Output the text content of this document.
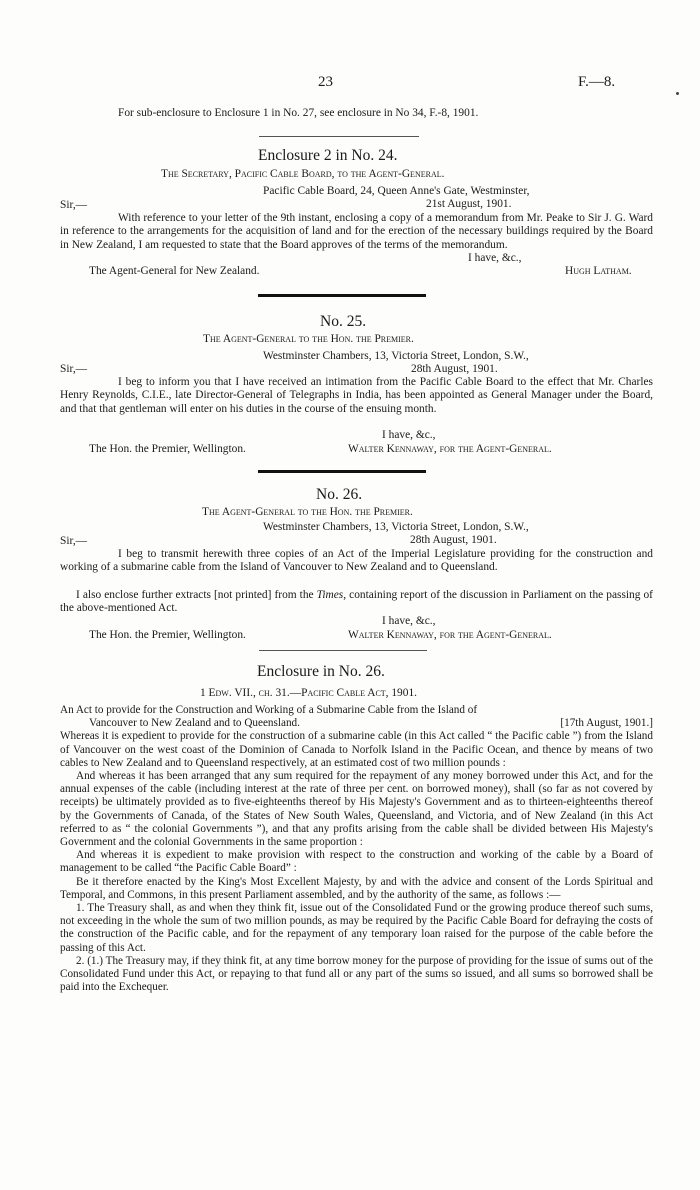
23	F.—8.
For sub-enclosure to Enclosure 1 in No. 27, see enclosure in No 34, F.-8, 1901.
Enclosure 2 in No. 24.
The Secretary, Pacific Cable Board, to the Agent-General.
Pacific Cable Board, 24, Queen Anne's Gate, Westminster,
Sir,—	21st August, 1901.
With reference to your letter of the 9th instant, enclosing a copy of a memorandum from Mr. Peake to Sir J. G. Ward in reference to the arrangements for the acquisition of land and for the erection of the necessary buildings required by the Board in New Zealand, I am requested to state that the Board approves of the terms of the memorandum.
I have, &c.,
The Agent-General for New Zealand.	Hugh Latham.
No. 25.
The Agent-General to the Hon. the Premier.
Westminster Chambers, 13, Victoria Street, London, S.W.,
Sir,—	28th August, 1901.
I beg to inform you that I have received an intimation from the Pacific Cable Board to the effect that Mr. Charles Henry Reynolds, C.I.E., late Director-General of Telegraphs in India, has been appointed as General Manager under the Board, and that that gentleman will enter on his duties in the course of the ensuing month.
I have, &c.,
The Hon. the Premier, Wellington.	Walter Kennaway, for the Agent-General.
No. 26.
The Agent-General to the Hon. the Premier.
Westminster Chambers, 13, Victoria Street, London, S.W.,
Sir,—	28th August, 1901.
I beg to transmit herewith three copies of an Act of the Imperial Legislature providing for the construction and working of a submarine cable from the Island of Vancouver to New Zealand and to Queensland.
I also enclose further extracts [not printed] from the Times, containing report of the discussion in Parliament on the passing of the above-mentioned Act.
I have, &c.,
The Hon. the Premier, Wellington.	Walter Kennaway, for the Agent-General.
Enclosure in No. 26.
1 Edw. VII., ch. 31.—Pacific Cable Act, 1901.

An Act to provide for the Construction and Working of a Submarine Cable from the Island of

Vancouver to New Zealand and to Queensland.	[17th August, 1901.]

Whereas it is expedient to provide for the construction of a submarine cable (in this Act called “ the Pacific cable ”) from the Island of Vancouver on the west coast of the Dominion of Canada to Norfolk Island in the Pacific Ocean, and thence by means of two cables to New Zealand and to Queensland respectively, at an estimated cost of two million pounds :

And whereas it has been arranged that any sum required for the repayment of any money borrowed under this Act, and for the annual expenses of the cable (including interest at the rate of three per cent. on borrowed money), shall (so far as not covered by receipts) be ultimately provided as to five-eighteenths thereof by His Majesty's Government and as to thirteen-eighteenths thereof by the Governments of Canada, of the States of New South Wales, Queensland, and Victoria, and of New Zealand (in this Act referred to as “ the colonial Governments ”), and that any profits arising from the cable shall be divided between His Majesty's Government and the colonial Governments in the same proportion :

And whereas it is expedient to make provision with respect to the construction and working of the cable by a Board of management to be called “the Pacific Cable Board” :

Be it therefore enacted by the King's Most Excellent Majesty, by and with the advice and consent of the Lords Spiritual and Temporal, and Commons, in this present Parliament assembled, and by the authority of the same, as follows :—

1. The Treasury shall, as and when they think fit, issue out of the Consolidated Fund or the growing produce thereof such sums, not exceeding in the whole the sum of two million pounds, as may be required by the Pacific Cable Board for defraying the costs of the construction of the Pacific cable, and for the repayment of any temporary loan raised for the purpose of the cable before the passing of this Act.

2. (1.) The Treasury may, if they think fit, at any time borrow money for the purpose of providing for the issue of sums out of the Consolidated Fund under this Act, or repaying to that fund all or any part of the sums so issued, and all sums so borrowed shall be paid into the Exchequer.
